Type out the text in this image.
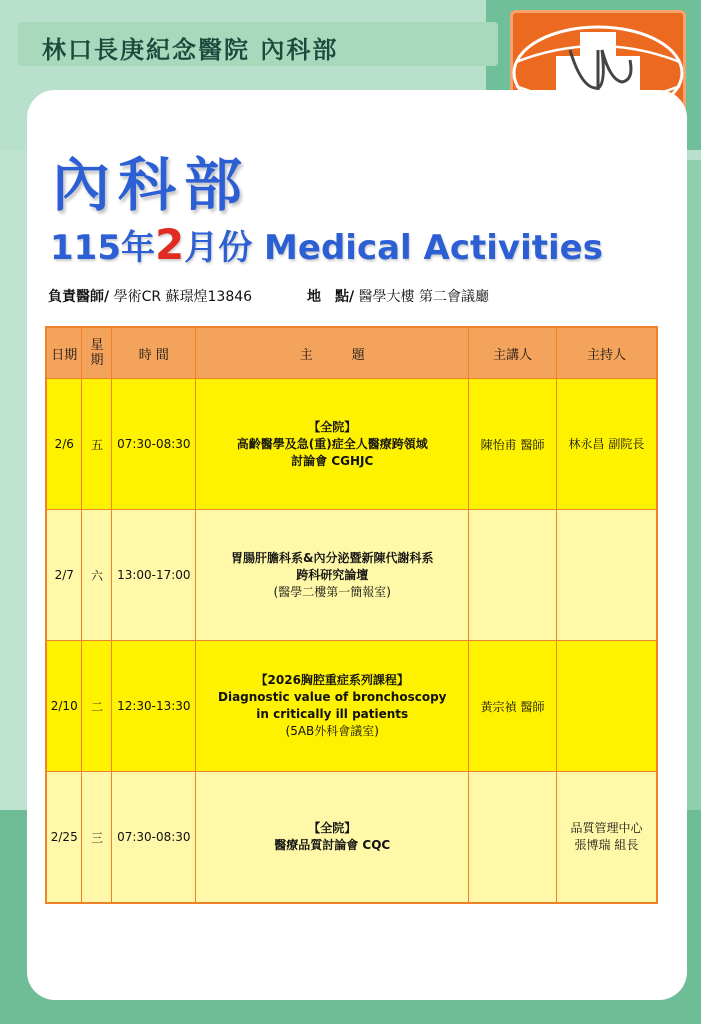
林口長庚紀念醫院 內科部
內科部
115年2月份 Medical Activities
負責醫師/ 學術CR 蘇璟煌13846	地　點/ 醫學大樓 第二會議廳
日期	星
期	時 間	主　　　題	主講人	主持人
2/6	五	07:30-08:30	【全院】
高齡醫學及急(重)症全人醫療跨領域
討論會 CGHJC	陳怡甫 醫師	林永昌 副院長

2/7	六	13:00-17:00	胃腸肝膽科系&內分泌暨新陳代謝科系
跨科研究論壇
(醫學二樓第一簡報室)		

2/10	二	12:30-13:30	【2026胸腔重症系列課程】
Diagnostic value of bronchoscopy
in critically ill patients
(5AB外科會議室)	黃宗禎 醫師	
2/25	三	07:30-08:30	【全院】
醫療品質討論會 CQC		品質管理中心
張博瑞 組長
